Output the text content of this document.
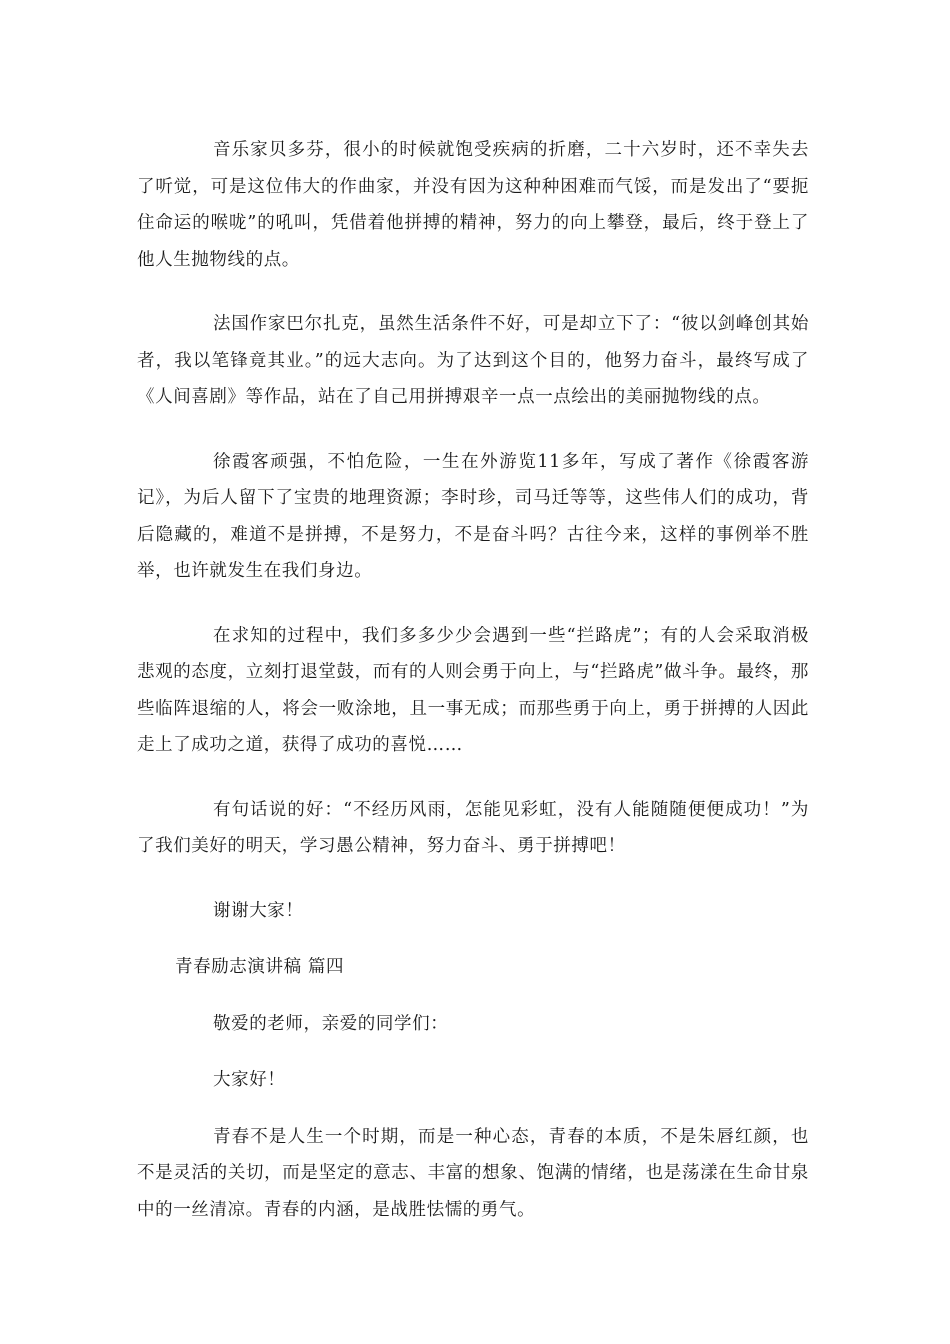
音乐家贝多芬，很小的时候就饱受疾病的折磨，二十六岁时，还不幸失去了听觉，可是这位伟大的作曲家，并没有因为这种种困难而气馁，而是发出了“要扼住命运的喉咙”的吼叫，凭借着他拼搏的精神，努力的向上攀登，最后，终于登上了他人生抛物线的点。

法国作家巴尔扎克，虽然生活条件不好，可是却立下了：“彼以剑峰创其始者，我以笔锋竟其业。”的远大志向。为了达到这个目的，他努力奋斗，最终写成了《人间喜剧》等作品，站在了自己用拼搏艰辛一点一点绘出的美丽抛物线的点。

徐霞客顽强，不怕危险，一生在外游览11多年，写成了著作《徐霞客游记》，为后人留下了宝贵的地理资源；李时珍，司马迁等等，这些伟人们的成功，背后隐藏的，难道不是拼搏，不是努力，不是奋斗吗？古往今来，这样的事例举不胜举，也许就发生在我们身边。

在求知的过程中，我们多多少少会遇到一些“拦路虎”；有的人会采取消极悲观的态度，立刻打退堂鼓，而有的人则会勇于向上，与“拦路虎”做斗争。最终，那些临阵退缩的人，将会一败涂地，且一事无成；而那些勇于向上，勇于拼搏的人因此走上了成功之道，获得了成功的喜悦……

有句话说的好：“不经历风雨，怎能见彩虹，没有人能随随便便成功！”为了我们美好的明天，学习愚公精神，努力奋斗、勇于拼搏吧！

谢谢大家！

青春励志演讲稿 篇四

敬爱的老师，亲爱的同学们：

大家好！

青春不是人生一个时期，而是一种心态，青春的本质，不是朱唇红颜，也不是灵活的关切，而是坚定的意志、丰富的想象、饱满的情绪，也是荡漾在生命甘泉中的一丝清凉。青春的内涵，是战胜怯懦的勇气。
